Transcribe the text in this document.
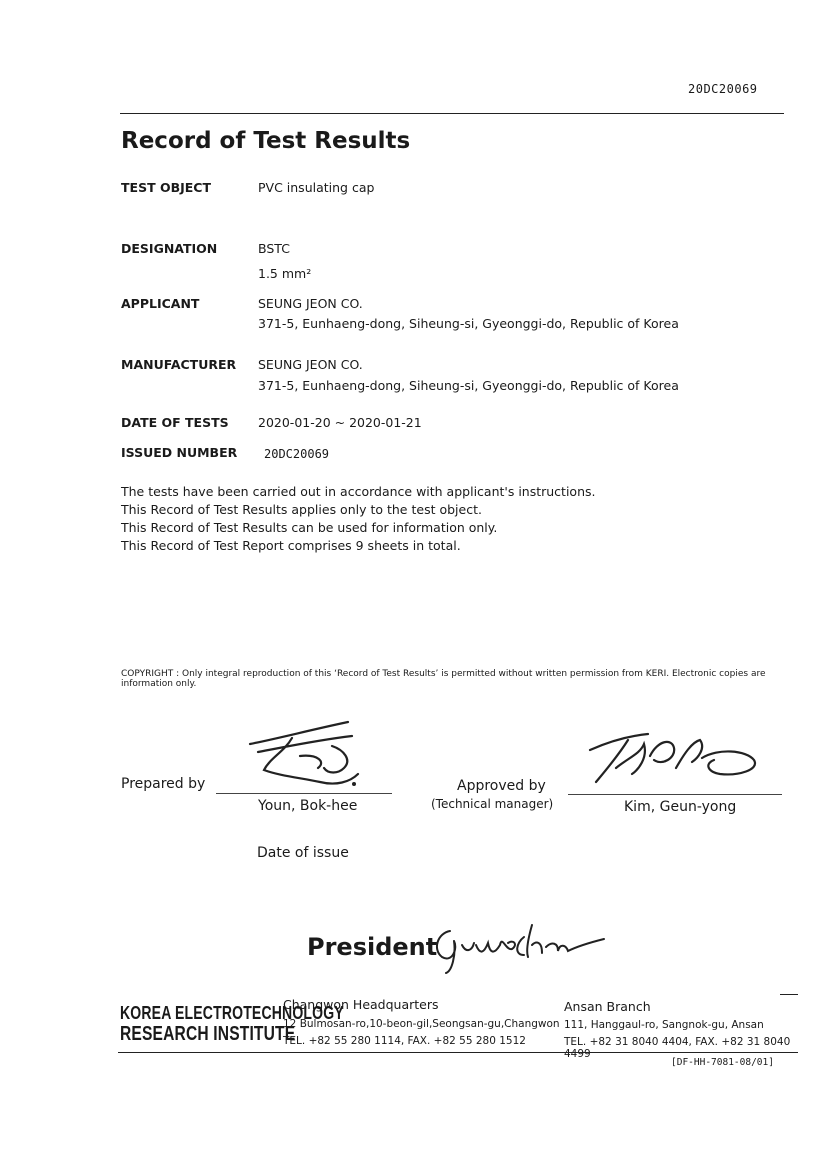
20DC20069
Record of Test Results
TEST OBJECT	PVC insulating cap
DESIGNATION	BSTC
1.5 mm²
APPLICANT	SEUNG JEON CO.
371-5, Eunhaeng-dong, Siheung-si, Gyeonggi-do, Republic of Korea
MANUFACTURER SEUNG JEON CO.
371-5, Eunhaeng-dong, Siheung-si, Gyeonggi-do, Republic of Korea
DATE OF TESTS 2020-01-20 ~ 2020-01-21
ISSUED NUMBER 20DC20069
The tests have been carried out in accordance with applicant's instructions.
This Record of Test Results applies only to the test object.
This Record of Test Results can be used for information only.
This Record of Test Report comprises 9 sheets in total.
COPYRIGHT : Only integral reproduction of this ‘Record of Test Results’ is permitted without written permission from KERI. Electronic copies are information only.
Prepared by
Youn, Bok-hee
Approved by
(Technical manager)	Kim, Geun-yong
Date of issue
President
KOREA ELECTROTECHNOLOGY
RESEARCH INSTITUTE
Changwon Headquarters
12 Bulmosan-ro,10-beon-gil,Seongsan-gu,Changwon
TEL. +82 55 280 1114, FAX. +82 55 280 1512
Ansan Branch
111, Hanggaul-ro, Sangnok-gu, Ansan
TEL. +82 31 8040 4404, FAX. +82 31 8040 4499
[DF-HH-7081-08/01]
